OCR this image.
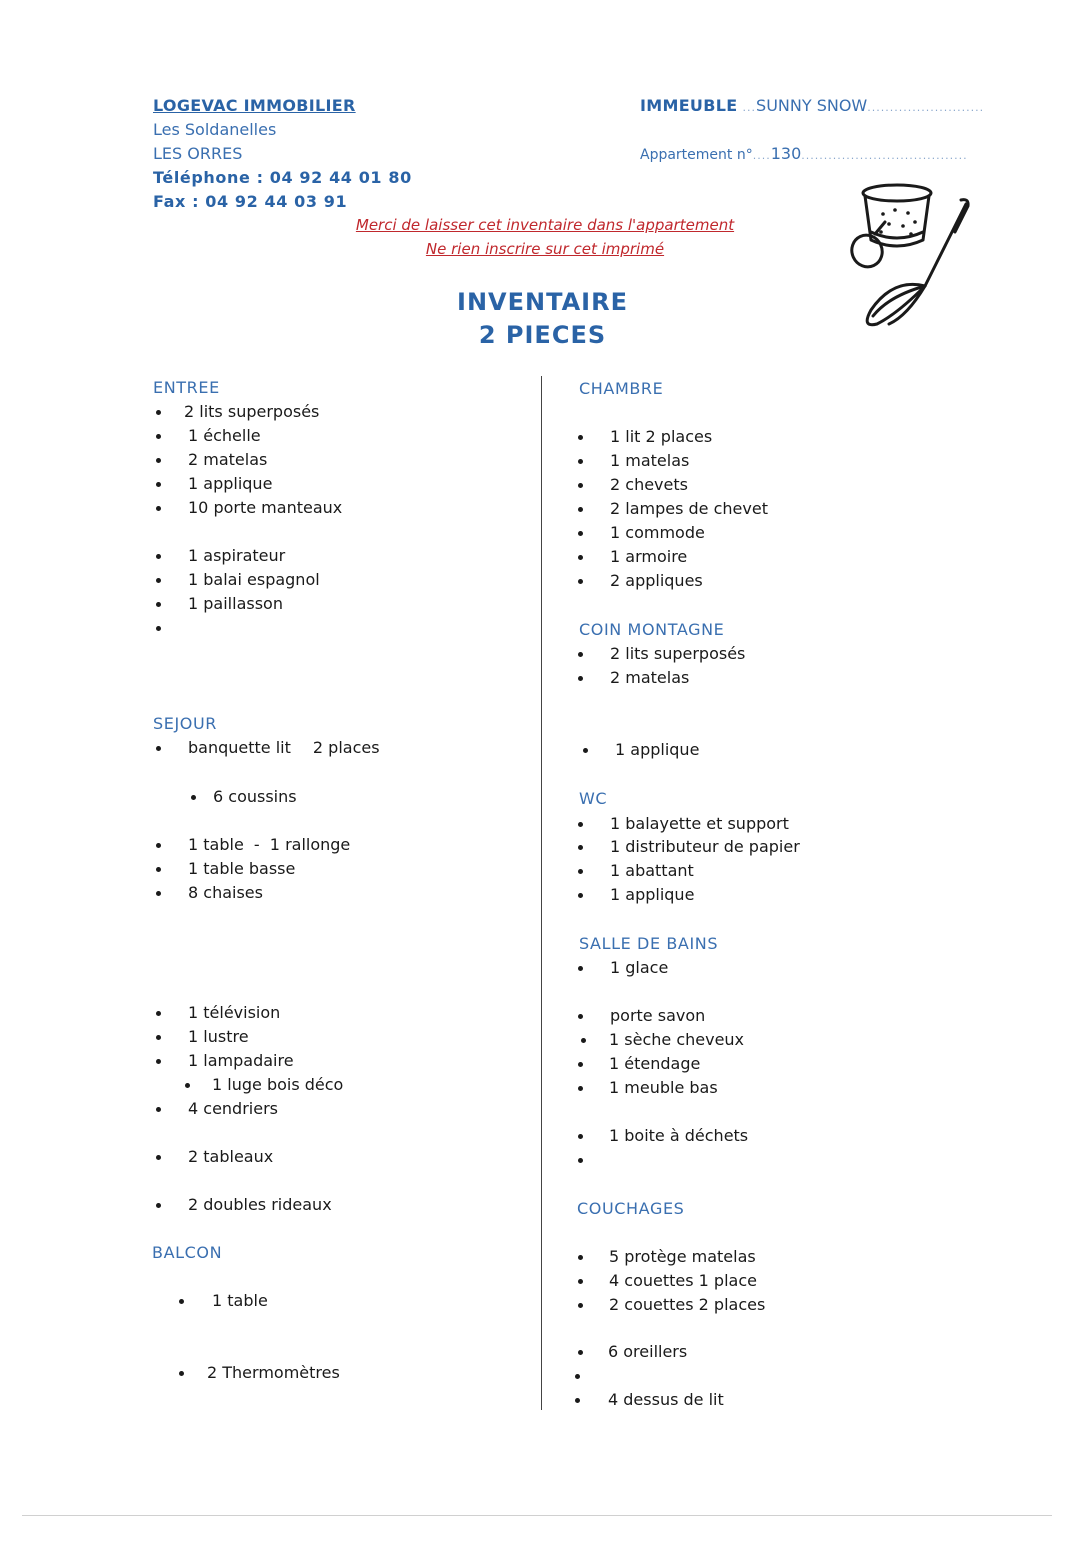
LOGEVAC IMMOBILIER
Les Soldanelles
LES ORRES
Téléphone : 04 92 44 01 80
Fax : 04 92 44 03 91
IMMEUBLE ...SUNNY SNOW..........................
Appartement n°....130.....................................
Merci de laisser cet inventaire dans l'appartement
Ne rien inscrire sur cet imprimé
INVENTAIRE
2 PIECES
ENTREE
2 lits superposés
1 échelle
2 matelas
1 applique
10 porte manteaux
1 aspirateur
1 balai espagnol
1 paillasson
SEJOUR
banquette lit 2 places
6 coussins
1 table - 1 rallonge
1 table basse
8 chaises
1 télévision
1 lustre
1 lampadaire
1 luge bois déco
4 cendriers
2 tableaux
2 doubles rideaux
BALCON
1 table
2 Thermomètres
CHAMBRE
1 lit 2 places
1 matelas
2 chevets
2 lampes de chevet
1 commode
1 armoire
2 appliques
COIN MONTAGNE
2 lits superposés
2 matelas
1 applique
WC
1 balayette et support
1 distributeur de papier
1 abattant
1 applique
SALLE DE BAINS
1 glace
porte savon
1 sèche cheveux
1 étendage
1 meuble bas
1 boite à déchets
COUCHAGES
5 protège matelas
4 couettes 1 place
2 couettes 2 places
6 oreillers
4 dessus de lit
